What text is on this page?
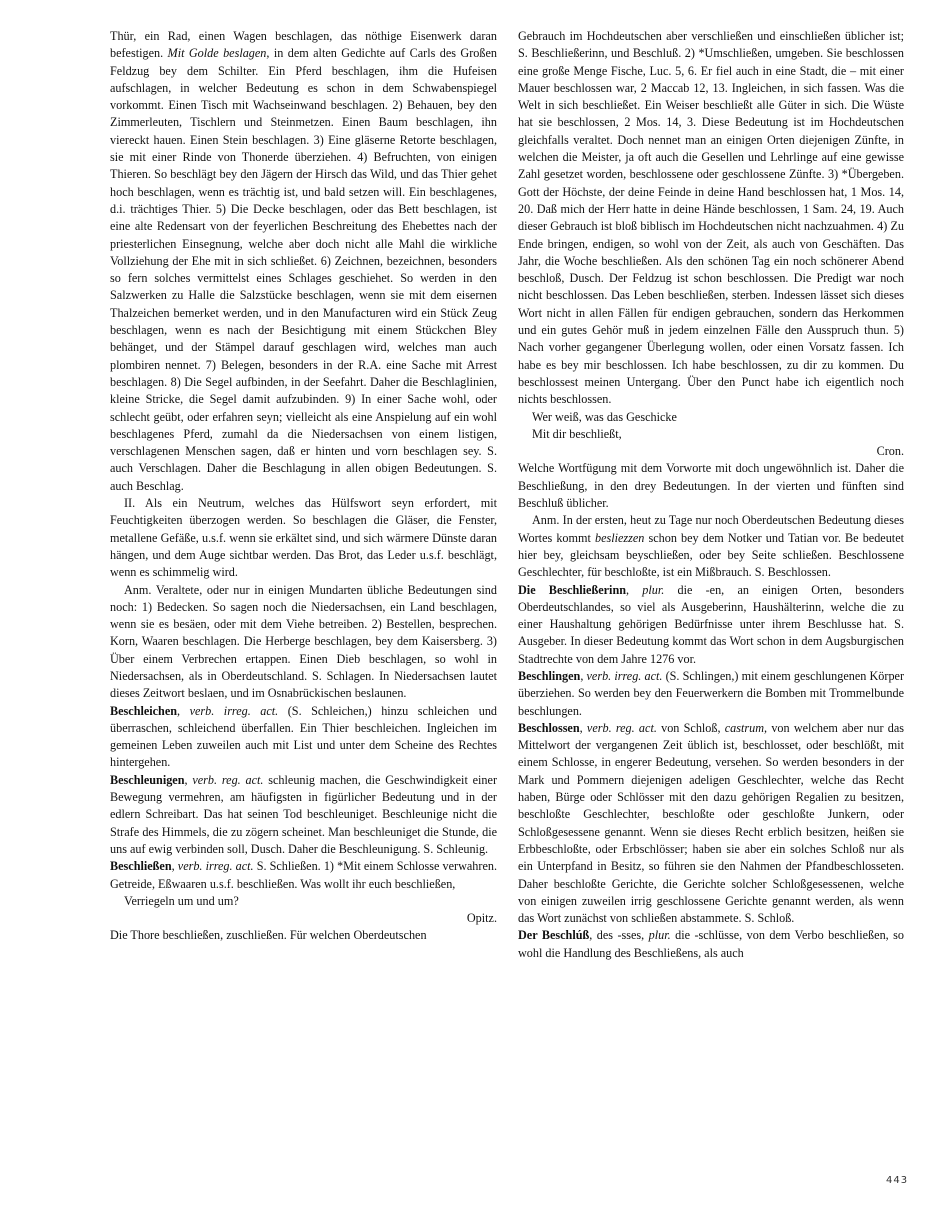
Thür, ein Rad, einen Wagen beschlagen, das nöthige Eisenwerk daran befestigen. Mit Golde beslagen, in dem alten Gedichte auf Carls des Großen Feldzug bey dem Schilter. Ein Pferd beschlagen, ihm die Hufeisen aufschlagen, in welcher Bedeutung es schon in dem Schwabenspiegel vorkommt. Einen Tisch mit Wachseinwand beschlagen. 2) Behauen, bey den Zimmerleuten, Tischlern und Steinmetzen. Einen Baum beschlagen, ihn viereckt hauen. Einen Stein beschlagen. 3) Eine gläserne Retorte beschlagen, sie mit einer Rinde von Thonerde überziehen. 4) Befruchten, von einigen Thieren. So beschlägt bey den Jägern der Hirsch das Wild, und das Thier gehet hoch beschlagen, wenn es trächtig ist, und bald setzen will. Ein beschlagenes, d.i. trächtiges Thier. 5) Die Decke beschlagen, oder das Bett beschlagen, ist eine alte Redensart von der feyerlichen Beschreitung des Ehebettes nach der priesterlichen Einsegnung, welche aber doch nicht alle Mahl die wirkliche Vollziehung der Ehe mit in sich schließet. 6) Zeichnen, bezeichnen, besonders so fern solches vermittelst eines Schlages geschiehet. So werden in den Salzwerken zu Halle die Salzstücke beschlagen, wenn sie mit dem eisernen Thalzeichen bemerket werden, und in den Manufacturen wird ein Stück Zeug beschlagen, wenn es nach der Besichtigung mit einem Stückchen Bley behänget, und der Stämpel darauf geschlagen wird, welches man auch plombiren nennet. 7) Belegen, besonders in der R.A. eine Sache mit Arrest beschlagen. 8) Die Segel aufbinden, in der Seefahrt. Daher die Beschlaglinien, kleine Stricke, die Segel damit aufzubinden. 9) In einer Sache wohl, oder schlecht geübt, oder erfahren seyn; vielleicht als eine Anspielung auf ein wohl beschlagenes Pferd, zumahl da die Niedersachsen von einem listigen, verschlagenen Menschen sagen, daß er hinten und vorn beschlagen sey. S. auch Verschlagen. Daher die Beschlagung in allen obigen Bedeutungen. S. auch Beschlag.

II. Als ein Neutrum, welches das Hülfswort seyn erfordert, mit Feuchtigkeiten überzogen werden. So beschlagen die Gläser, die Fenster, metallene Gefäße, u.s.f. wenn sie erkältet sind, und sich wärmere Dünste daran hängen, und dem Auge sichtbar werden. Das Brot, das Leder u.s.f. beschlägt, wenn es schimmelig wird.

Anm. Veraltete, oder nur in einigen Mundarten übliche Bedeutungen sind noch: 1) Bedecken. So sagen noch die Niedersachsen, ein Land beschlagen, wenn sie es besäen, oder mit dem Viehe betreiben. 2) Bestellen, besprechen. Korn, Waaren beschlagen. Die Herberge beschlagen, bey dem Kaisersberg. 3) Über einem Verbrechen ertappen. Einen Dieb beschlagen, so wohl in Niedersachsen, als in Oberdeutschland. S. Schlagen. In Niedersachsen lautet dieses Zeitwort beslaen, und im Osnabrückischen beslaunen.

Beschleichen, verb. irreg. act. (S. Schleichen,) hinzu schleichen und überraschen, schleichend überfallen. Ein Thier beschleichen. Ingleichen im gemeinen Leben zuweilen auch mit List und unter dem Scheine des Rechtes hintergehen.

Beschleunigen, verb. reg. act. schleunig machen, die Geschwindigkeit einer Bewegung vermehren, am häufigsten in figürlicher Bedeutung und in der edlern Schreibart. Das hat seinen Tod beschleuniget. Beschleunige nicht die Strafe des Himmels, die zu zögern scheinet. Man beschleuniget die Stunde, die uns auf ewig verbinden soll, Dusch. Daher die Beschleunigung. S. Schleunig.

Beschließen, verb. irreg. act. S. Schließen. 1) *Mit einem Schlosse verwahren. Getreide, Eßwaaren u.s.f. beschließen. Was wollt ihr euch beschließen,

Verriegeln um und um?

Opitz.

Die Thore beschließen, zuschließen. Für welchen Oberdeutschen

Gebrauch im Hochdeutschen aber verschließen und einschließen üblicher ist; S. Beschließerinn, und Beschluß. 2) *Umschließen, umgeben. Sie beschlossen eine große Menge Fische, Luc. 5, 6. Er fiel auch in eine Stadt, die – mit einer Mauer beschlossen war, 2 Maccab 12, 13. Ingleichen, in sich fassen. Was die Welt in sich beschließet. Ein Weiser beschließt alle Güter in sich. Die Wüste hat sie beschlossen, 2 Mos. 14, 3. Diese Bedeutung ist im Hochdeutschen gleichfalls veraltet. Doch nennet man an einigen Orten diejenigen Zünfte, in welchen die Meister, ja oft auch die Gesellen und Lehrlinge auf eine gewisse Zahl gesetzet worden, beschlossene oder geschlossene Zünfte. 3) *Übergeben. Gott der Höchste, der deine Feinde in deine Hand beschlossen hat, 1 Mos. 14, 20. Daß mich der Herr hatte in deine Hände beschlossen, 1 Sam. 24, 19. Auch dieser Gebrauch ist bloß biblisch im Hochdeutschen nicht nachzuahmen. 4) Zu Ende bringen, endigen, so wohl von der Zeit, als auch von Geschäften. Das Jahr, die Woche beschließen. Als den schönen Tag ein noch schönerer Abend beschloß, Dusch. Der Feldzug ist schon beschlossen. Die Predigt war noch nicht beschlossen. Das Leben beschließen, sterben. Indessen lässet sich dieses Wort nicht in allen Fällen für endigen gebrauchen, sondern das Herkommen und ein gutes Gehör muß in jedem einzelnen Fälle den Ausspruch thun. 5) Nach vorher gegangener Überlegung wollen, oder einen Vorsatz fassen. Ich habe es bey mir beschlossen. Ich habe beschlossen, zu dir zu kommen. Du beschlossest meinen Untergang. Über den Punct habe ich eigentlich noch nichts beschlossen.

Wer weiß, was das Geschicke

Mit dir beschließt,

Cron.

Welche Wortfügung mit dem Vorworte mit doch ungewöhnlich ist. Daher die Beschließung, in den drey Bedeutungen. In der vierten und fünften sind Beschluß üblicher.

Anm. In der ersten, heut zu Tage nur noch Oberdeutschen Bedeutung dieses Wortes kommt besliezzen schon bey dem Notker und Tatian vor. Be bedeutet hier bey, gleichsam beyschließen, oder bey Seite schließen. Beschlossene Geschlechter, für beschloßte, ist ein Mißbrauch. S. Beschlossen.

Die Beschließerinn, plur. die -en, an einigen Orten, besonders Oberdeutschlandes, so viel als Ausgeberinn, Haushälterinn, welche die zu einer Haushaltung gehörigen Bedürfnisse unter ihrem Beschlusse hat. S. Ausgeber. In dieser Bedeutung kommt das Wort schon in dem Augsburgischen Stadtrechte von dem Jahre 1276 vor.

Beschlingen, verb. irreg. act. (S. Schlingen,) mit einem geschlungenen Körper überziehen. So werden bey den Feuerwerkern die Bomben mit Trommelbunde beschlungen.

Beschlossen, verb. reg. act. von Schloß, castrum, von welchem aber nur das Mittelwort der vergangenen Zeit üblich ist, beschlosset, oder beschlößt, mit einem Schlosse, in engerer Bedeutung, versehen. So werden besonders in der Mark und Pommern diejenigen adeligen Geschlechter, welche das Recht haben, Bürge oder Schlösser mit den dazu gehörigen Regalien zu besitzen, beschloßte Geschlechter, beschloßte oder geschloßte Junkern, oder Schloßgesessene genannt. Wenn sie dieses Recht erblich besitzen, heißen sie Erbbeschloßte, oder Erbschlösser; haben sie aber ein solches Schloß nur als ein Unterpfand in Besitz, so führen sie den Nahmen der Pfandbeschlosseten. Daher beschloßte Gerichte, die Gerichte solcher Schloßgesessenen, welche von einigen zuweilen irrig geschlossene Gerichte genannt werden, als wenn das Wort zunächst von schließen abstammete. S. Schloß.

Der Beschlúß, des -sses, plur. die -schlüsse, von dem Verbo beschließen, so wohl die Handlung des Beschließens, als auch

443
